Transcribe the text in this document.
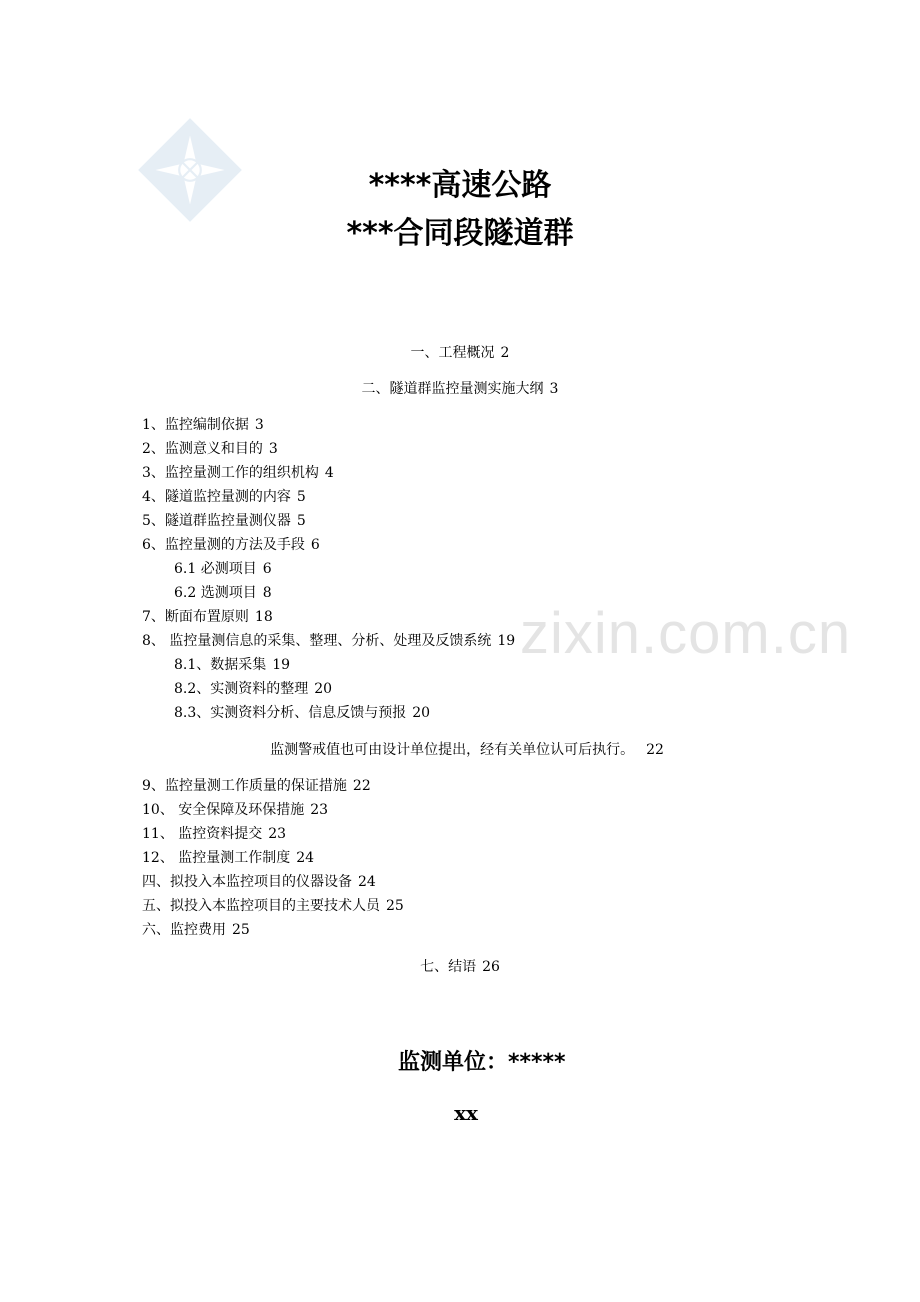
zixin.com.cn
****高速公路
***合同段隧道群
一、工程概况 2
二、隧道群监控量测实施大纲 3
1、监控编制依据 3
2、监测意义和目的 3
3、监控量测工作的组织机构 4
4、隧道监控量测的内容 5
5、隧道群监控量测仪器 5
6、监控量测的方法及手段 6
6.1 必测项目 6
6.2 选测项目 8
7、断面布置原则 18
8、 监控量测信息的采集、整理、分析、处理及反馈系统 19
8.1、数据采集 19
8.2、实测资料的整理 20
8.3、实测资料分析、信息反馈与预报 20
监测警戒值也可由设计单位提出，经有关单位认可后执行。 22
9、监控量测工作质量的保证措施 22
10、 安全保障及环保措施 23
11、 监控资料提交 23
12、 监控量测工作制度 24
四、拟投入本监控项目的仪器设备 24
五、拟投入本监控项目的主要技术人员 25
六、监控费用 25
七、结语 26
监测单位：*****
xx
